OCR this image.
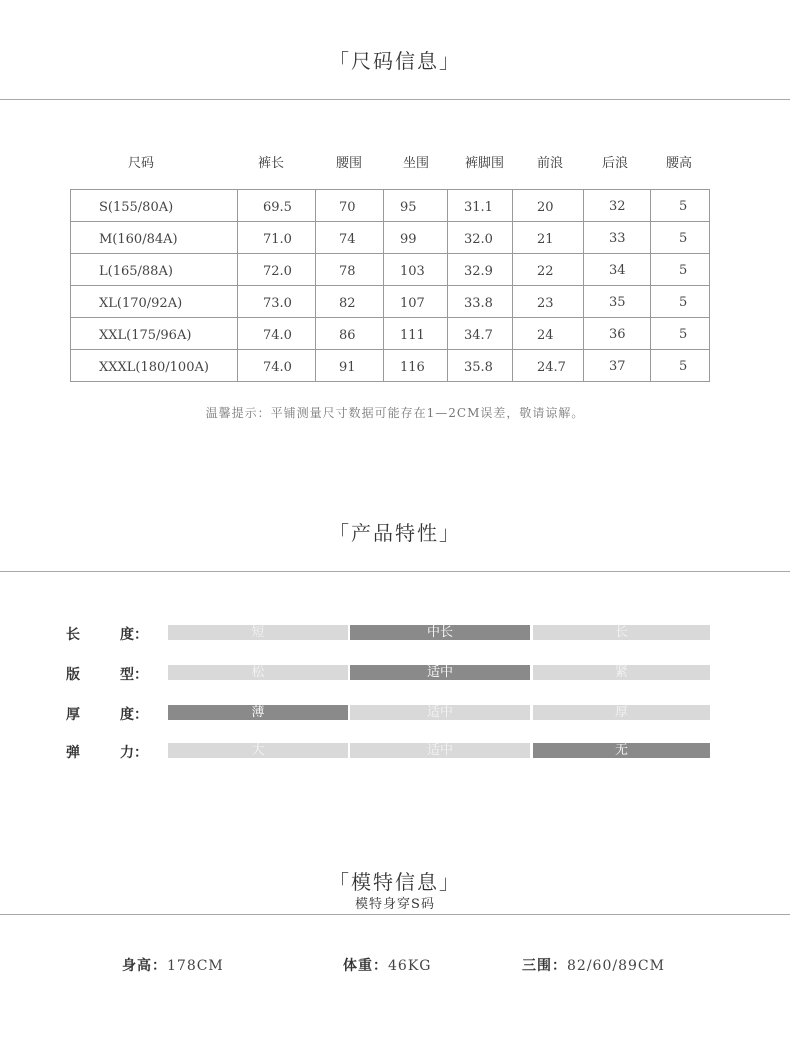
「尺码信息」
尺码	裤长	腰围	坐围	裤脚围	前浪	后浪	腰高
S(155/80A)	69.5	70	95	31.1	20	32	5
M(160/84A)	71.0	74	99	32.0	21	33	5
L(165/88A)	72.0	78	103	32.9	22	34	5
XL(170/92A)	73.0	82	107	33.8	23	35	5
XXL(175/96A)	74.0	86	111	34.7	24	36	5
XXXL(180/100A)	74.0	91	116	35.8	24.7	37	5
温馨提示：平铺测量尺寸数据可能存在1—2CM误差，敬请谅解。
「产品特性」
长	度：	短	中长	长
版	型：	松	适中	紧
厚	度：	薄	适中	厚
弹	力：	大	适中	无
「模特信息」
模特身穿S码
身高：178CM	体重：46KG	三围：82/60/89CM
